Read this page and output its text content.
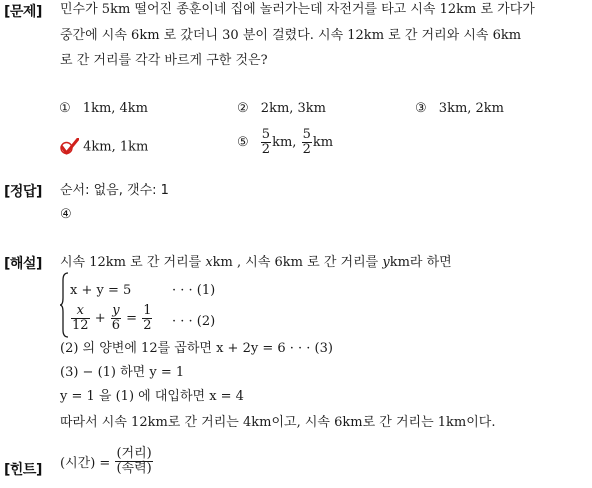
[문제] 민수가 5km 떨어진 종훈이네 집에 놀러가는데 자전거를 타고 시속 12km 로 가다가
중간에 시속 6km 로 갔더니 30 분이 걸렸다. 시속 12km 로 간 거리와 시속 6km
로 간 거리를 각각 바르게 구한 것은?
① 1km, 4km	② 2km, 3km	③ 3km, 2km
4km, 1km	⑤ $\frac{5}{2}$ km, $\frac{5}{2}$ km
[정답] 순서: 없음, 갯수: 1
④
[해설] 시속 12km 로 간 거리를 xkm , 시속 6km 로 간 거리를 ykm라 하면
x + y = 5	· · · (1)
$\frac{x}{12} + \frac{y}{6} = \frac{1}{2}$ · · · (2)
(2) 의 양변에 12를 곱하면 x + 2y = 6 · · · (3)
(3) − (1) 하면 y = 1
y = 1 을 (1) 에 대입하면 x = 4
따라서 시속 12km로 간 거리는 4km이고, 시속 6km로 간 거리는 1km이다.
[힌트] (시간) = $\frac{\text{(거리)}}{\text{(속력)}}$
